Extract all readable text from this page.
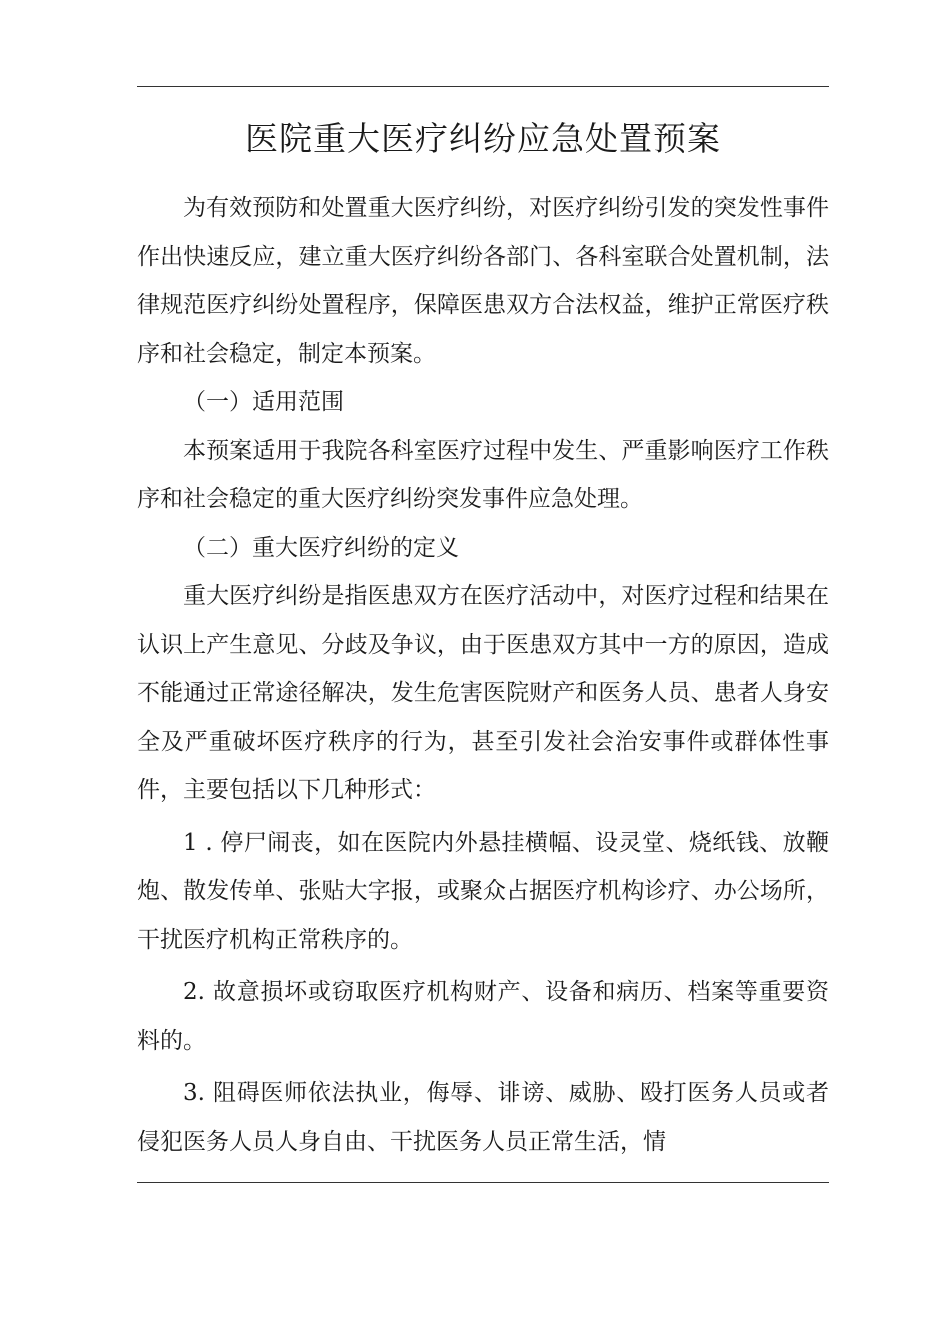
医院重大医疗纠纷应急处置预案

为有效预防和处置重大医疗纠纷，对医疗纠纷引发的突发性事件作出快速反应，建立重大医疗纠纷各部门、各科室联合处置机制，法律规范医疗纠纷处置程序，保障医患双方合法权益，维护正常医疗秩序和社会稳定，制定本预案。

（一）适用范围

本预案适用于我院各科室医疗过程中发生、严重影响医疗工作秩序和社会稳定的重大医疗纠纷突发事件应急处理。

（二）重大医疗纠纷的定义

重大医疗纠纷是指医患双方在医疗活动中，对医疗过程和结果在认识上产生意见、分歧及争议，由于医患双方其中一方的原因，造成不能通过正常途径解决，发生危害医院财产和医务人员、患者人身安全及严重破坏医疗秩序的行为，甚至引发社会治安事件或群体性事件，主要包括以下几种形式：

1 . 停尸闹丧，如在医院内外悬挂横幅、设灵堂、烧纸钱、放鞭炮、散发传单、张贴大字报，或聚众占据医疗机构诊疗、办公场所，干扰医疗机构正常秩序的。

2. 故意损坏或窃取医疗机构财产、设备和病历、档案等重要资料的。

3. 阻碍医师依法执业，侮辱、诽谤、威胁、殴打医务人员或者侵犯医务人员人身自由、干扰医务人员正常生活，情
